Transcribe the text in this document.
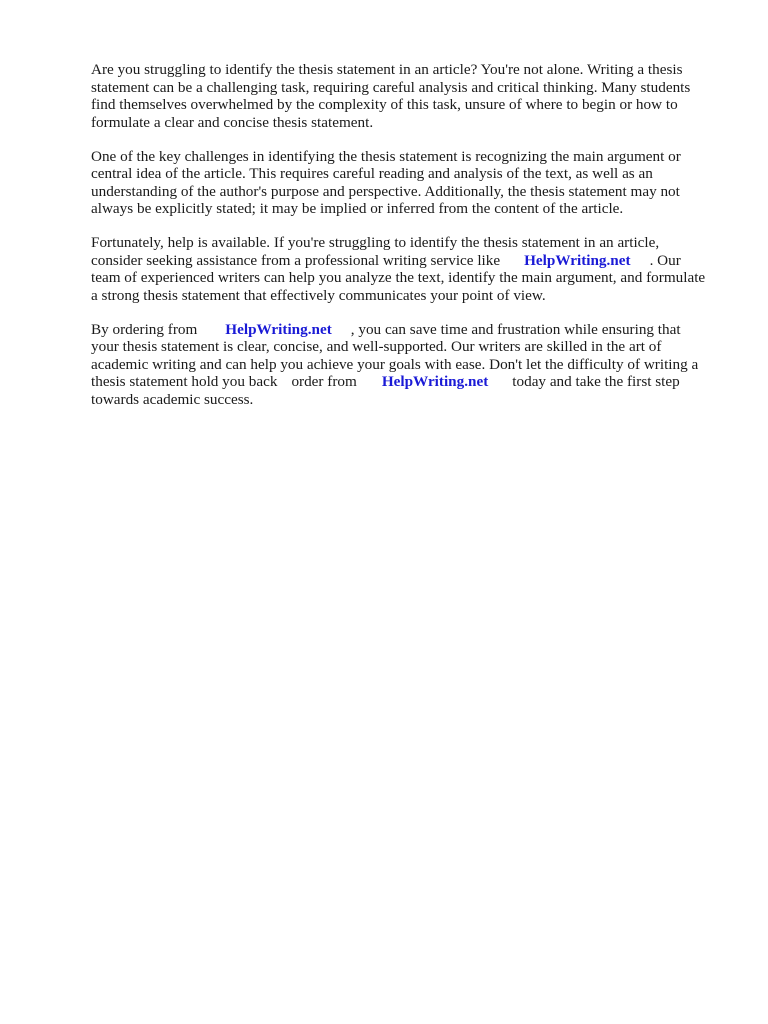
Are you struggling to identify the thesis statement in an article? You're not alone. Writing a thesis
statement can be a challenging task, requiring careful analysis and critical thinking. Many students
find themselves overwhelmed by the complexity of this task, unsure of where to begin or how to
formulate a clear and concise thesis statement.

One of the key challenges in identifying the thesis statement is recognizing the main argument or
central idea of the article. This requires careful reading and analysis of the text, as well as an
understanding of the author's purpose and perspective. Additionally, the thesis statement may not
always be explicitly stated; it may be implied or inferred from the content of the article.

Fortunately, help is available. If you're struggling to identify the thesis statement in an article,
consider seeking assistance from a professional writing service like HelpWriting.net . Our
team of experienced writers can help you analyze the text, identify the main argument, and formulate
a strong thesis statement that effectively communicates your point of view.

By ordering from HelpWriting.net , you can save time and frustration while ensuring that
your thesis statement is clear, concise, and well-supported. Our writers are skilled in the art of
academic writing and can help you achieve your goals with ease. Don't let the difficulty of writing a
thesis statement hold you back order from HelpWriting.net today and take the first step
towards academic success.
